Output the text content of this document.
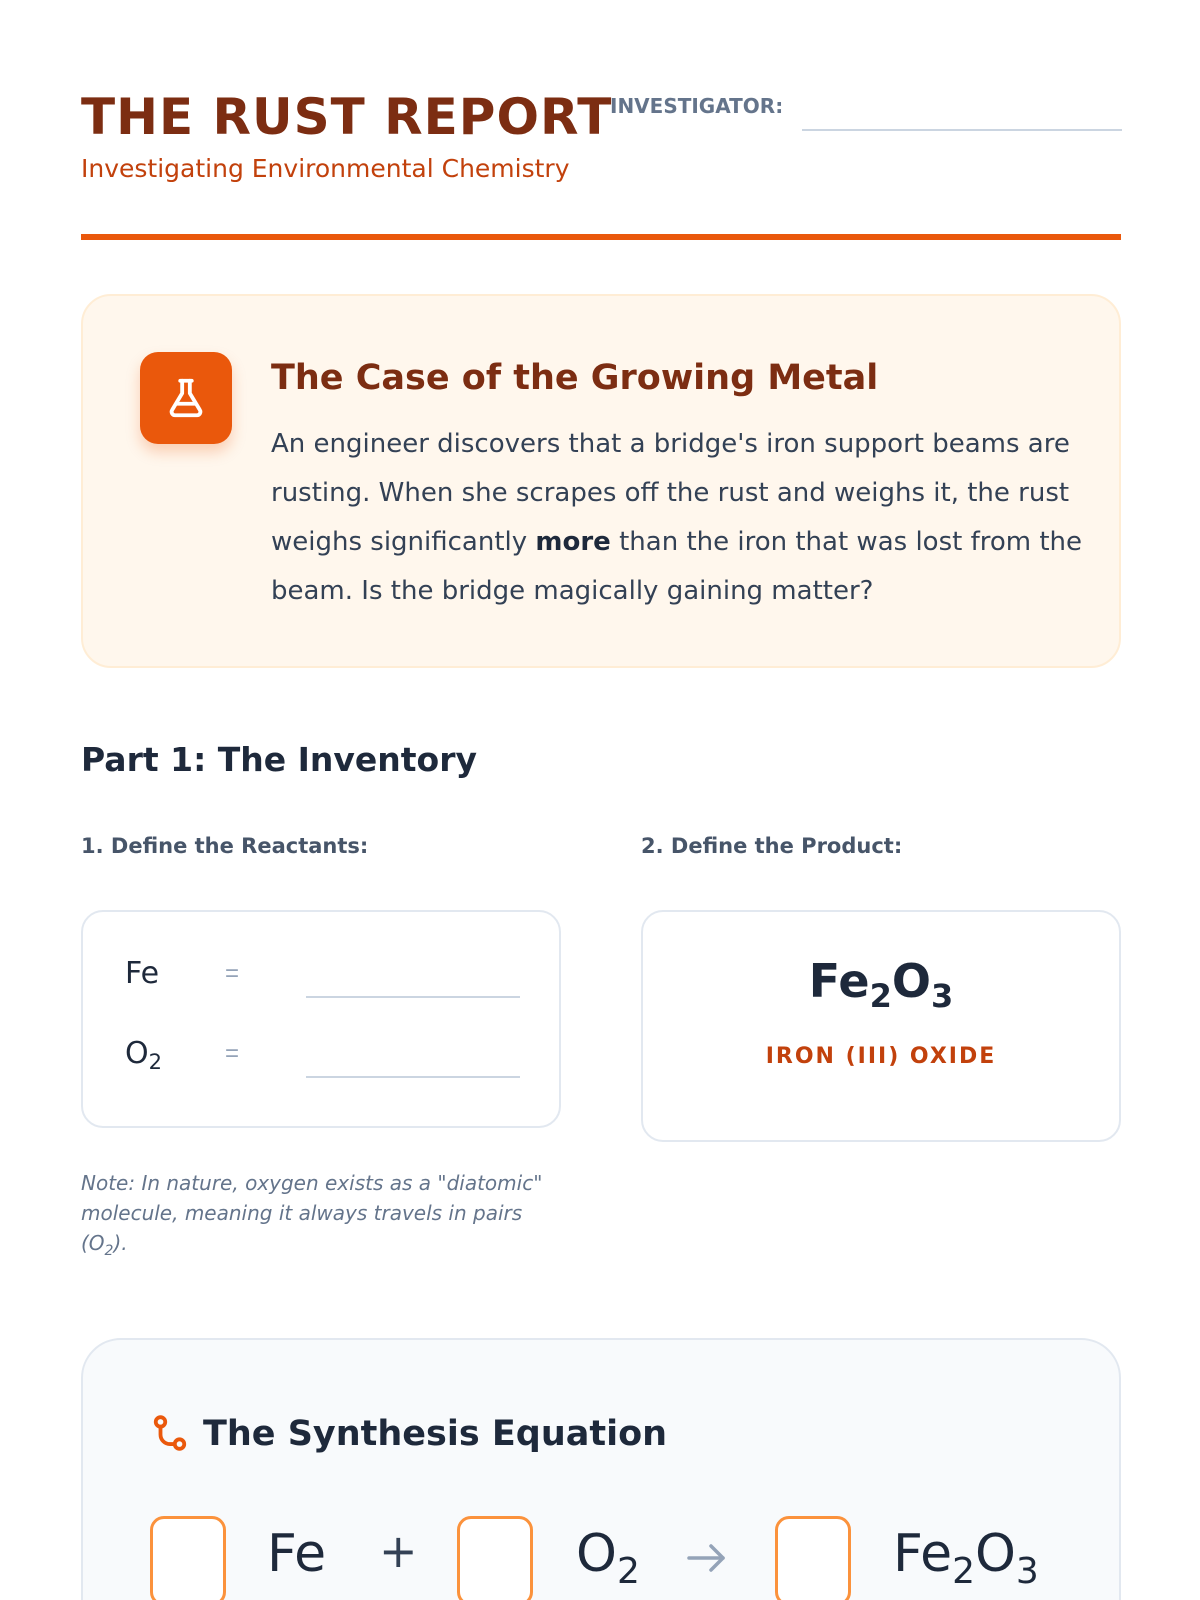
THE RUST REPORT
Investigating Environmental Chemistry
INVESTIGATOR:
The Case of the Growing Metal
An engineer discovers that a bridge's iron support beams are rusting. When she scrapes off the rust and weighs it, the rust weighs significantly more than the iron that was lost from the beam. Is the bridge magically gaining matter?
Part 1: The Inventory
1. Define the Reactants:	2. Define the Product:
Fe	=
$O_2$	=
Note: In nature, oxygen exists as a "diatomic" molecule, meaning it always travels in pairs $(O_2)$.
$Fe_2O_3$
IRON (III) OXIDE
The Synthesis Equation
Fe +	$O_2$	$Fe_2O_3$
